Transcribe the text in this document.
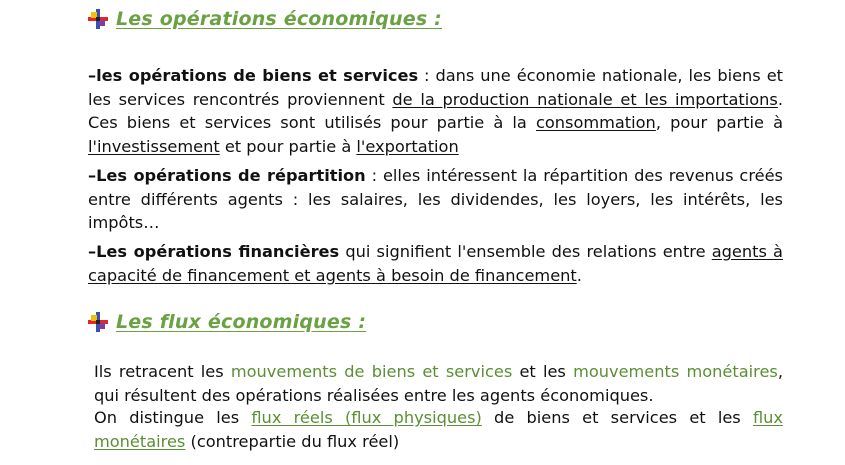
Les opérations économiques :

–les opérations de biens et services : dans une économie nationale, les biens et les services rencontrés proviennent de la production nationale et les importations. Ces biens et services sont utilisés pour partie à la consommation, pour partie à l'investissement et pour partie à l'exportation

–Les opérations de répartition : elles intéressent la répartition des revenus créés entre différents agents : les salaires, les dividendes, les loyers, les intérêts, les impôts…

–Les opérations financières qui signifient l'ensemble des relations entre agents à capacité de financement et agents à besoin de financement.

Les flux économiques :

Ils retracent les mouvements de biens et services et les mouvements monétaires, qui résultent des opérations réalisées entre les agents économiques.

On distingue les flux réels (flux physiques) de biens et services et les flux monétaires (contrepartie du flux réel)
